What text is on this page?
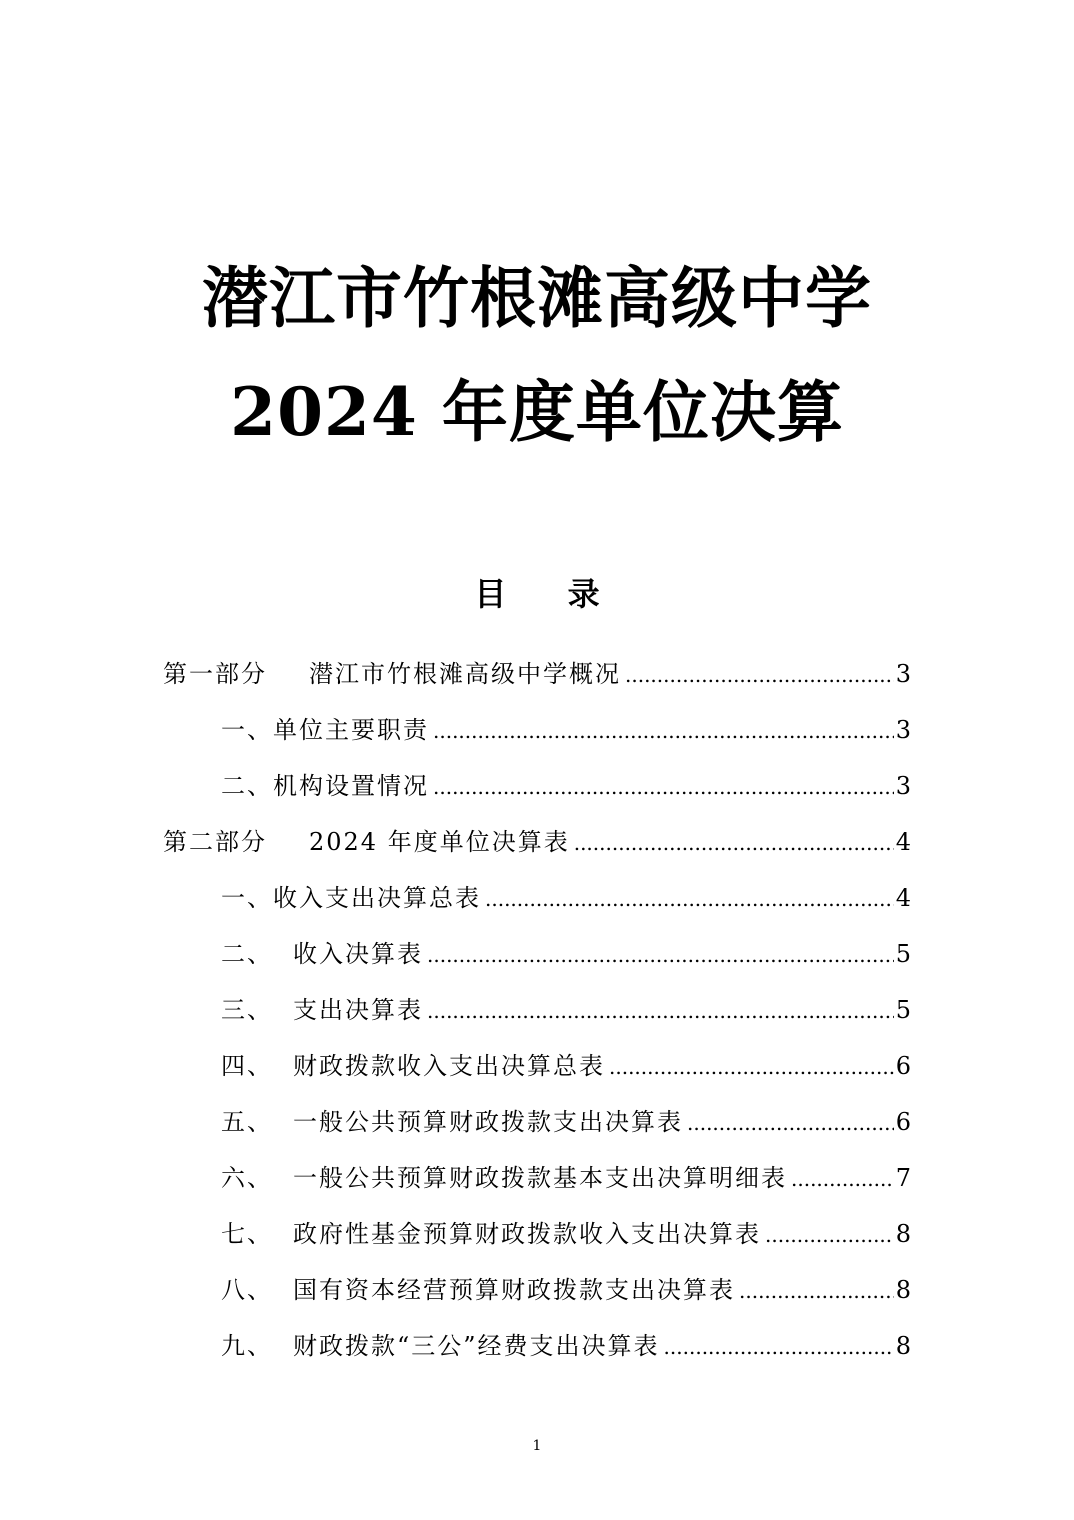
潜江市竹根滩高级中学
2024 年度单位决算
目 录
第一部分	潜江市竹根滩高级中学概况 .....	3
一、 单位主要职责 .....	3
二、 机构设置情况 .....	3
第二部分	2024 年度单位决算表 .....	4
一、 收入支出决算总表 .....	4
二、 收入决算表 .....	5
三、 支出决算表 .....	5
四、 财政拨款收入支出决算总表 .....	6
五、 一般公共预算财政拨款支出决算表 .....	6
六、 一般公共预算财政拨款基本支出决算明细表 .....	7
七、 政府性基金预算财政拨款收入支出决算表 .....	8
八、 国有资本经营预算财政拨款支出决算表 .....	8
九、 财政拨款“三公”经费支出决算表 .....	8
1
